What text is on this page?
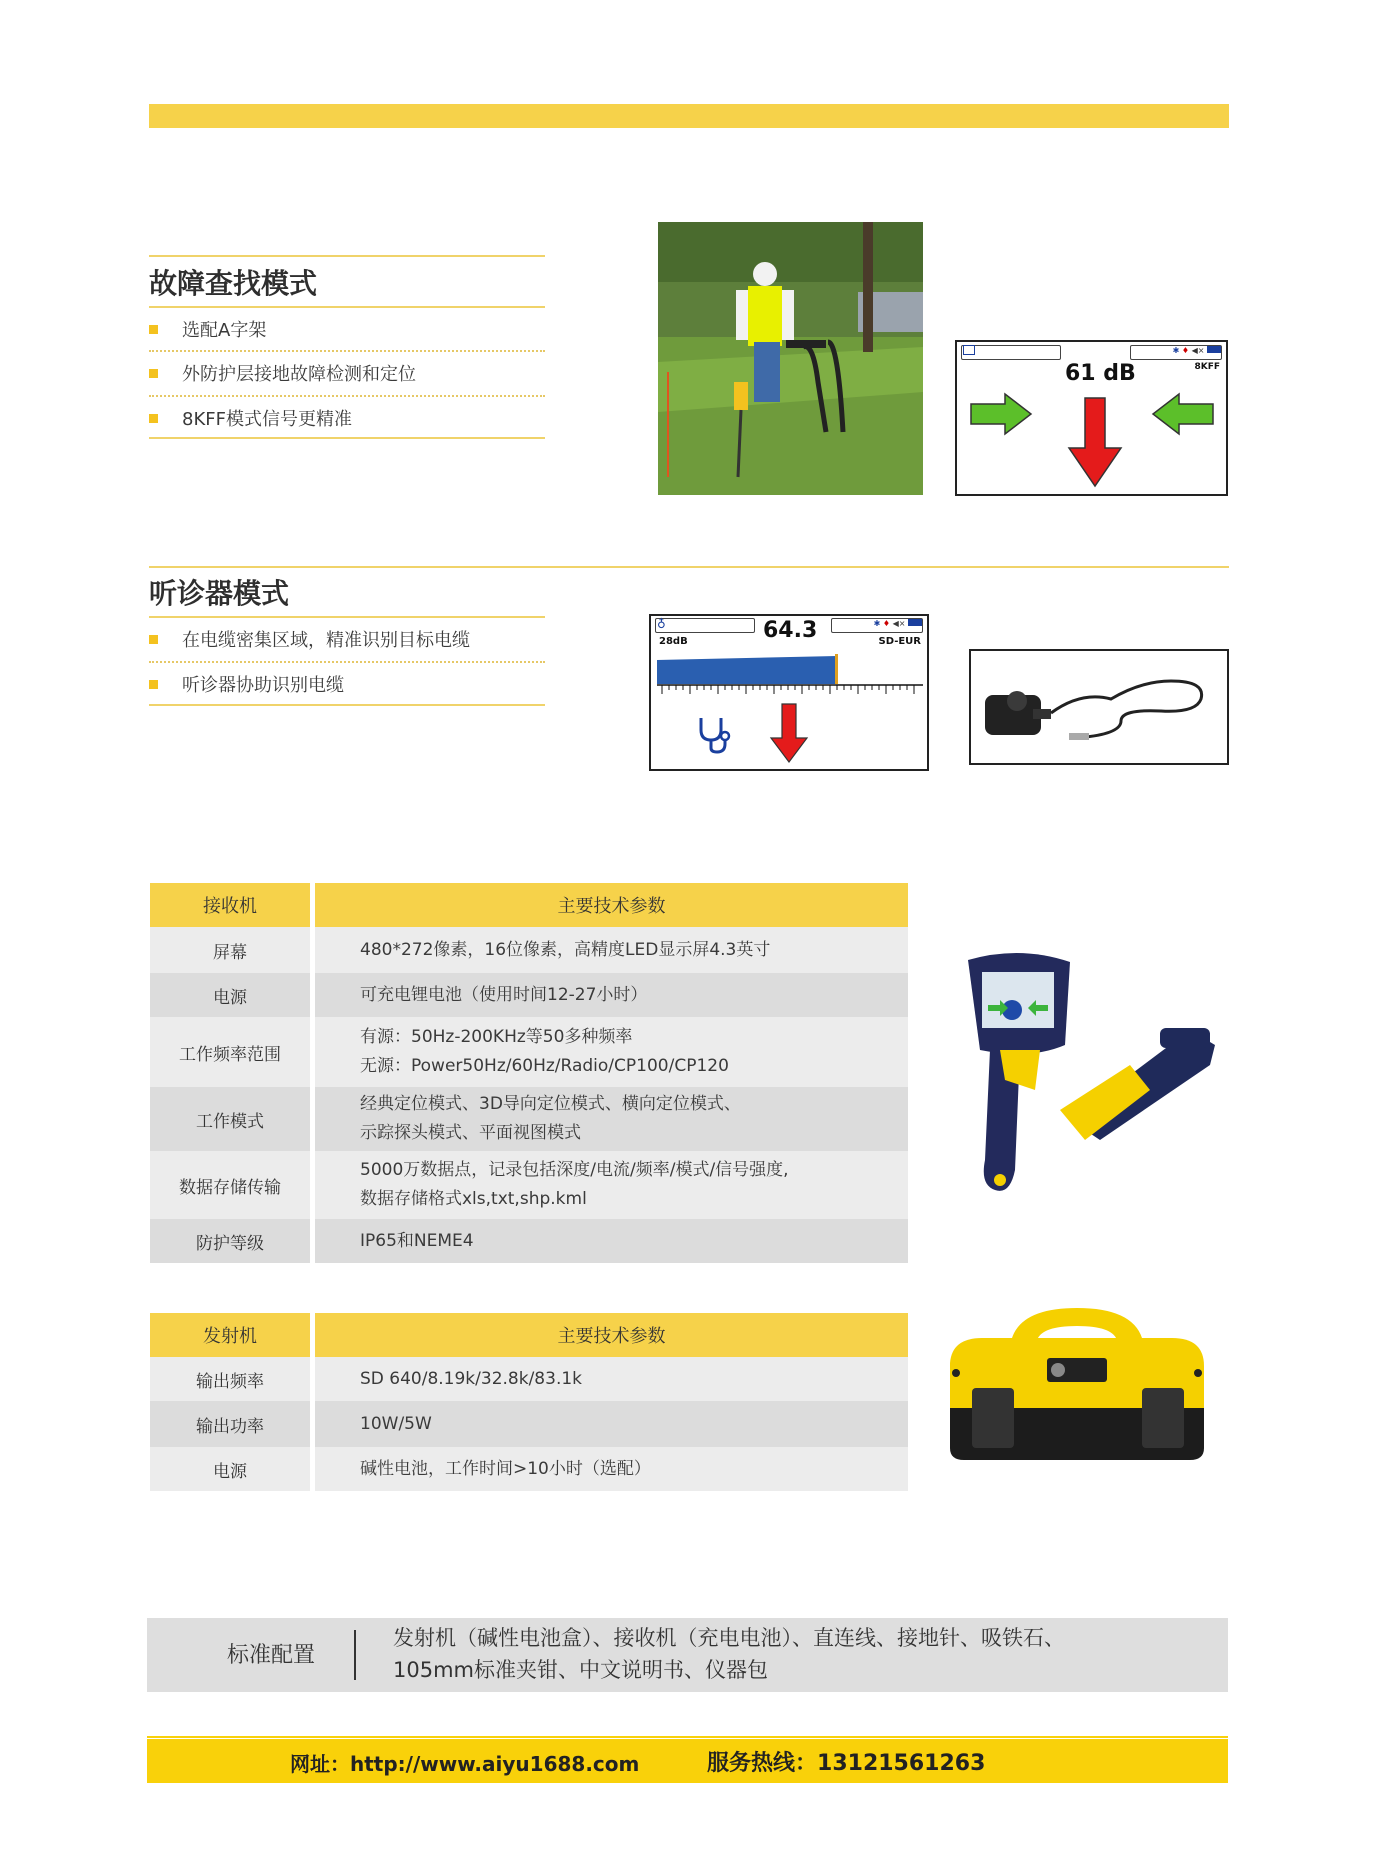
故障查找模式
选配A字架
外防护层接地故障检测和定位
8KFF模式信号更精准
✱ ♦ ◀×
61 dB	8KFF
听诊器模式
在电缆密集区域，精准识别目标电缆
听诊器协助识别电缆
♁	✱ ♦ ◀×
64.3
28dB	SD-EUR
接收机	主要技术参数
屏幕	480*272像素，16位像素，高精度LED显示屏4.3英寸
电源	可充电锂电池（使用时间12-27小时）
工作频率范围	有源：50Hz-200KHz等50多种频率
无源：Power50Hz/60Hz/Radio/CP100/CP120

工作模式	经典定位模式、3D导向定位模式、横向定位模式、
示踪探头模式、平面视图模式

数据存储传输	5000万数据点，记录包括深度/电流/频率/模式/信号强度,
数据存储格式xls,txt,shp.kml

防护等级	IP65和NEME4
发射机	主要技术参数
输出频率	SD 640/8.19k/32.8k/83.1k
输出功率	10W/5W
电源	碱性电池，工作时间>10小时（选配）
标准配置
发射机（碱性电池盒）、接收机（充电电池）、直连线、接地针、吸铁石、
105mm标准夹钳、中文说明书、仪器包
网址：http://www.aiyu1688.com	服务热线：13121561263
